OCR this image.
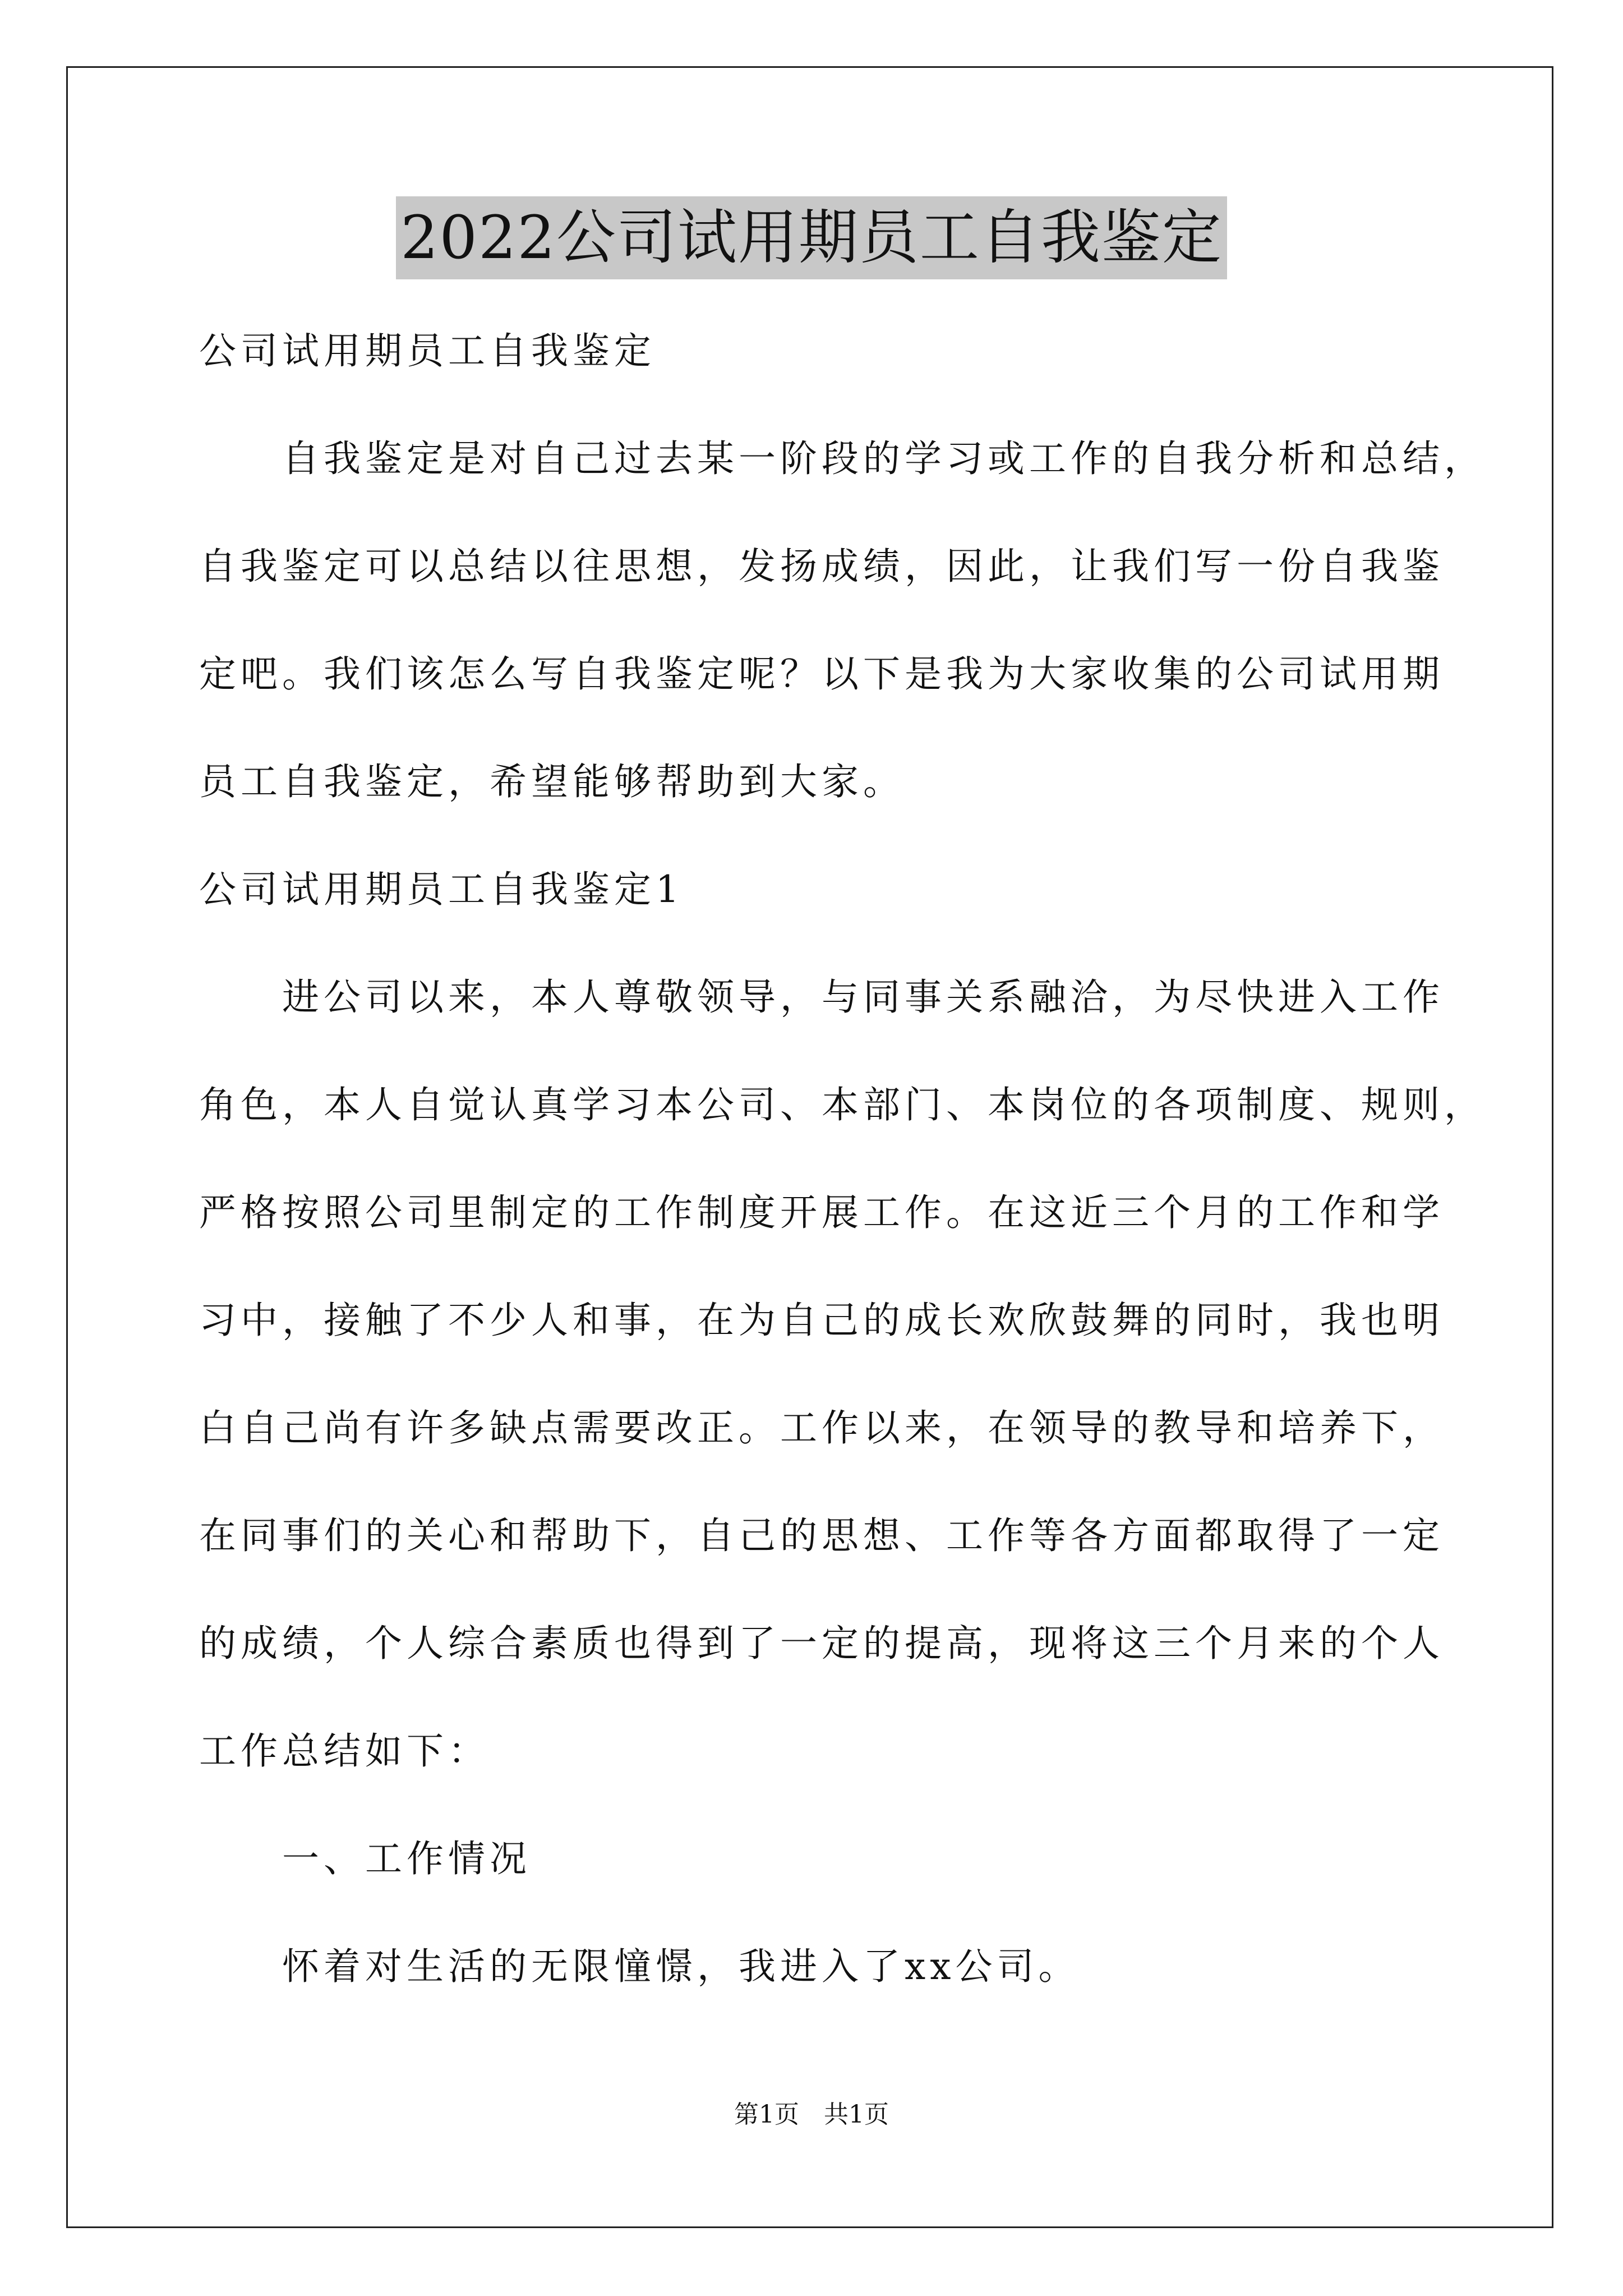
2022公司试用期员工自我鉴定
公司试用期员工自我鉴定
自我鉴定是对自己过去某一阶段的学习或工作的自我分析和总结，
自我鉴定可以总结以往思想，发扬成绩，因此，让我们写一份自我鉴
定吧。我们该怎么写自我鉴定呢？以下是我为大家收集的公司试用期
员工自我鉴定，希望能够帮助到大家。
公司试用期员工自我鉴定1
进公司以来，本人尊敬领导，与同事关系融洽，为尽快进入工作
角色，本人自觉认真学习本公司、本部门、本岗位的各项制度、规则，
严格按照公司里制定的工作制度开展工作。在这近三个月的工作和学
习中，接触了不少人和事，在为自己的成长欢欣鼓舞的同时，我也明
白自己尚有许多缺点需要改正。工作以来，在领导的教导和培养下，
在同事们的关心和帮助下，自己的思想、工作等各方面都取得了一定
的成绩，个人综合素质也得到了一定的提高，现将这三个月来的个人
工作总结如下：
一、工作情况
怀着对生活的无限憧憬，我进入了xx公司。
第1页　共1页
